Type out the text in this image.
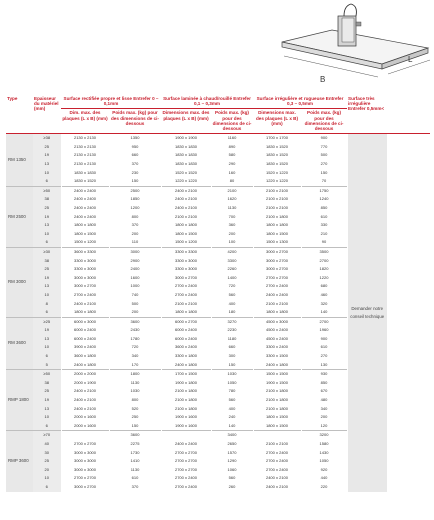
B
L
Type	Epaisseur du matériel (mm)	Surface rectifiée propre et lisse Entrefer 0 – 0,1mm		Surface laminée à chaud/rouillé Entrefer 0,1 – 0,3mm		Surface irrégulière et rugueuse Entrefer 0,3 – 0,5mm		Surface très irrégulière Entrefer 0,5mm<	
		Dim. max. des plaques (L x B) (mm)	Poids max. (kg) pour des dimensions de ci-dessous	Dimensions max. des plaques (L x B) (mm)	Poids max. (kg) pour des dimensions de ci-dessous	Dimensions max. des plaques (L x B) (mm)	Poids max. (kg) pour des dimensions de ci-dessous		
RM 1350	≥38	2130 x 2130	1350	1900 x 1900	1160	1700 x 1700	900	Demander notre conseil technique	
	25	2130 x 2130	950	1830 x 1830	890	1830 x 1520	770		
	19	2130 x 2130	660	1830 x 1830	580	1830 x 1520	500		
	13	2130 x 2130	370	1830 x 1830	290	1830 x 1520	270		
	10	1830 x 1830	230	1520 x 1520	160	1520 x 1220	150		
	6	1830 x 1520	150	1220 x 1220	80	1220 x 1220	70		
RM 2500	≥50	2400 x 2400	2500	2400 x 2100	2100	2100 x 2100	1750		
	38	2400 x 2400	1850	2400 x 2100	1620	2100 x 2100	1240		
	25	2400 x 2400	1200	2400 x 2100	1130	2100 x 2100	850		
	19	2400 x 2400	800	2100 x 2100	700	2100 x 1800	610		
	13	1800 x 1800	370	1800 x 1800	360	1800 x 1800	330		
	10	1800 x 1500	200	1800 x 1500	200	1800 x 1500	210		
	6	1500 x 1200	110	1500 x 1200	100	1500 x 1300	90		
RM 3000	≥30	3600 x 3300	3000	3300 x 3300	4200	3000 x 2700	3500		
	38	3300 x 3000	2900	3300 x 3000	3300	3000 x 2700	2700		
	25	3300 x 3000	2400	3300 x 3000	2260	3000 x 2700	1820		
	19	3000 x 3000	1600	3000 x 2700	1400	2700 x 2700	1220		
	13	3000 x 2700	1000	2700 x 2400	720	2700 x 2400	680		
	10	2700 x 2400	740	2700 x 2400	560	2400 x 2400	460		
	8	2400 x 2100	500	2100 x 2100	400	2100 x 2100	320		
	6	1800 x 1800	200	1800 x 1800	180	1800 x 1800	140		
RM 3600	≥25	6000 x 3000	3600	6000 x 2700	3270	4500 x 3000	2700		
	19	6000 x 2400	2430	6000 x 2400	2230	4500 x 2400	1960		
	13	6000 x 2400	1780	6000 x 2400	1180	4500 x 2400	900		
	10	3900 x 2400	720	3600 x 2400	660	3300 x 2400	610		
	6	3600 x 1800	340	3300 x 1800	300	3300 x 1500	270		
	5	2400 x 1800	170	2400 x 1800	150	2400 x 1800	130		
RMP 1800	≥50	2000 x 2000	1800	1700 x 1500	1030	1500 x 1500	930		
	38	2000 x 1900	1130	1900 x 1800	1050	1900 x 1500	850		
	25	2400 x 2100	1030	2100 x 1800	780	2100 x 1800	670		
	19	2400 x 2100	800	2100 x 1800	560	2100 x 1800	480		
	13	2400 x 2100	520	2100 x 1800	400	2100 x 1800	340		
	10	2000 x 1600	250	1900 x 1600	240	1800 x 1500	200		
	6	2000 x 1600	150	1900 x 1600	140	1800 x 1500	120		
RMP 3600	≥70		3600		3400		3200		
	40	2700 x 2700	2275	2400 x 2400	2650	2100 x 2100	1580		
	30	3000 x 3000	1730	2700 x 2700	1570	2700 x 2400	1430		
	25	3000 x 3000	1410	2700 x 2700	1290	2700 x 2400	1050		
	20	3000 x 3000	1130	2700 x 2700	1060	2700 x 2400	920		
	10	2700 x 2700	610	2700 x 2400	560	2400 x 2100	440		
	6	3000 x 2700	370	2700 x 2400	260	2400 x 2100	220		
